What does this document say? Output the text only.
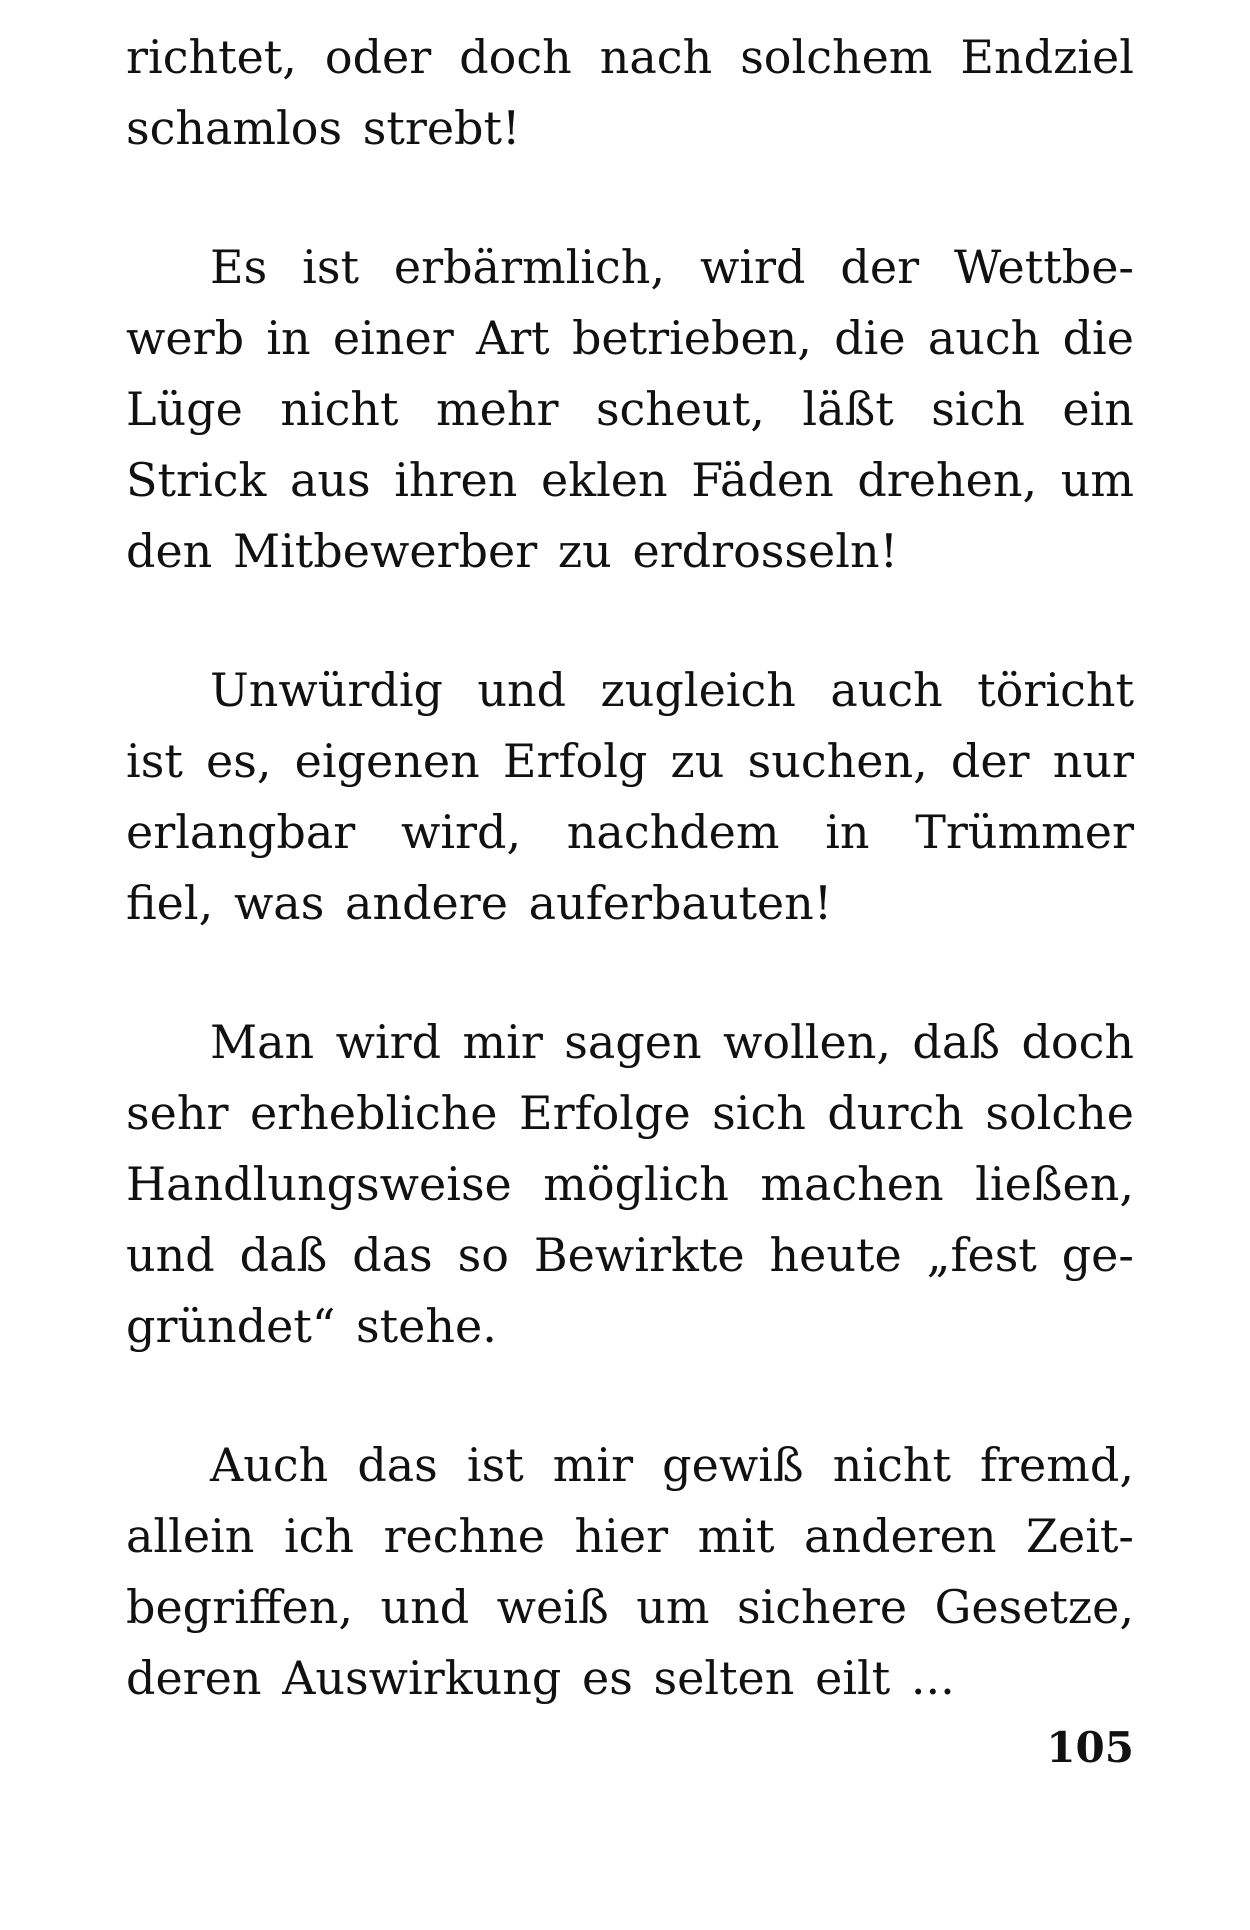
richtet, oder doch nach solchem Endziel
schamlos strebt!
Es ist erbärmlich, wird der Wettbe-
werb in einer Art betrieben, die auch die
Lüge nicht mehr scheut, läßt sich ein
Strick aus ihren eklen Fäden drehen, um
den Mitbewerber zu erdrosseln!
Unwürdig und zugleich auch töricht
ist es, eigenen Erfolg zu suchen, der nur
erlangbar wird, nachdem in Trümmer
fiel, was andere auferbauten!
Man wird mir sagen wollen, daß doch
sehr erhebliche Erfolge sich durch solche
Handlungsweise möglich machen ließen,
und daß das so Bewirkte heute „fest ge-
gründet“ stehe.
Auch das ist mir gewiß nicht fremd,
allein ich rechne hier mit anderen Zeit-
begriffen, und weiß um sichere Gesetze,
deren Auswirkung es selten eilt ...
105
